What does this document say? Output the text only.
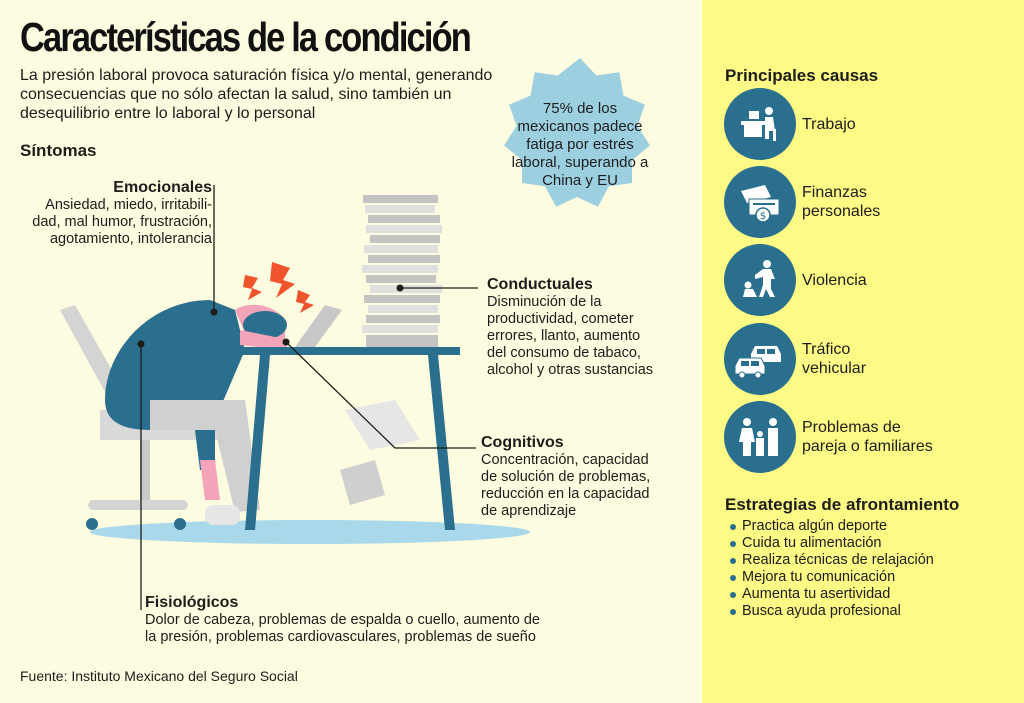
Características de la condición
La presión laboral provoca saturación física y/o mental, generando consecuencias que no sólo afectan la salud, sino también un desequilibrio entre lo laboral y lo personal
Síntomas
75% de los mexicanos padece fatiga por estrés laboral, superando a China y EU
Emocionales
Ansiedad, miedo, irritabili-
dad, mal humor, frustración,
agotamiento, intolerancia
Conductuales
Disminución de la
productividad, cometer
errores, llanto, aumento
del consumo de tabaco,
alcohol y otras sustancias
Cognitivos
Concentración, capacidad
de solución de problemas,
reducción en la capacidad
de aprendizaje
Fisiológicos
Dolor de cabeza, problemas de espalda o cuello, aumento de
la presión, problemas cardiovasculares, problemas de sueño
Fuente: Instituto Mexicano del Seguro Social
Principales causas
Trabajo
$
Finanzas
personales
Violencia
Tráfico
vehicular
Problemas de
pareja o familiares
Estrategias de afrontamiento
Practica algún deporte
Cuida tu alimentación
Realiza técnicas de relajación
Mejora tu comunicación
Aumenta tu asertividad
Busca ayuda profesional
